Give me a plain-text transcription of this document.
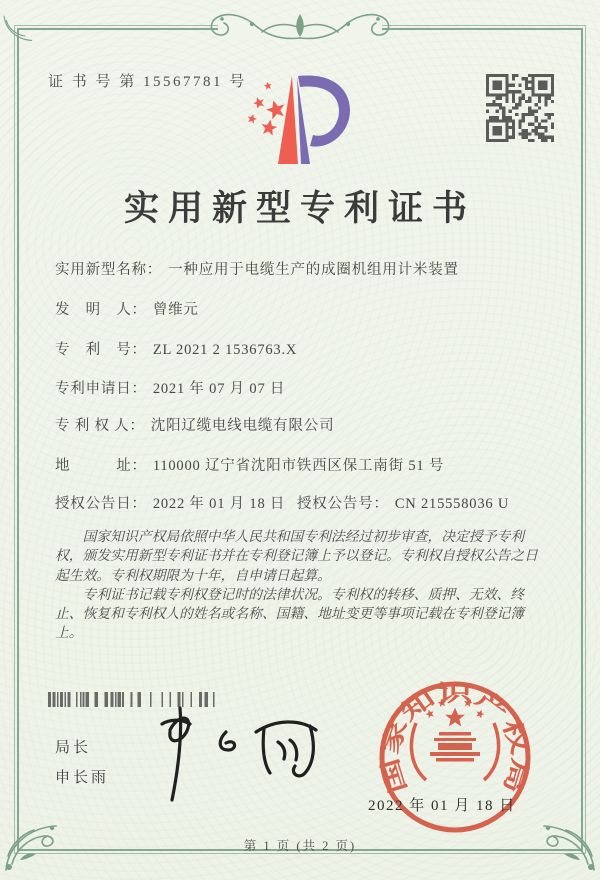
证 书 号 第 15567781 号
实用新型专利证书
实用新型名称： 一种应用于电缆生产的成圈机组用计米装置
发　明　人： 曾维元
专　利　号： ZL 2021 2 1536763.X
专利申请日： 2021 年 07 月 07 日
专 利 权 人： 沈阳辽缆电线电缆有限公司
地　　　址： 110000 辽宁省沈阳市铁西区保工南街 51 号
授权公告日： 2022 年 01 月 18 日 授权公告号： CN 215558036 U

国家知识产权局依照中华人民共和国专利法经过初步审查，决定授予专利权，颁发实用新型专利证书并在专利登记簿上予以登记。专利权自授权公告之日起生效。专利权期限为十年，自申请日起算。

专利证书记载专利权登记时的法律状况。专利权的转移、质押、无效、终止、恢复和专利权人的姓名或名称、国籍、地址变更等事项记载在专利登记簿上。

局长
申长雨	国家知识产权局
2022 年 01 月 18 日
第 1 页 (共 2 页)
